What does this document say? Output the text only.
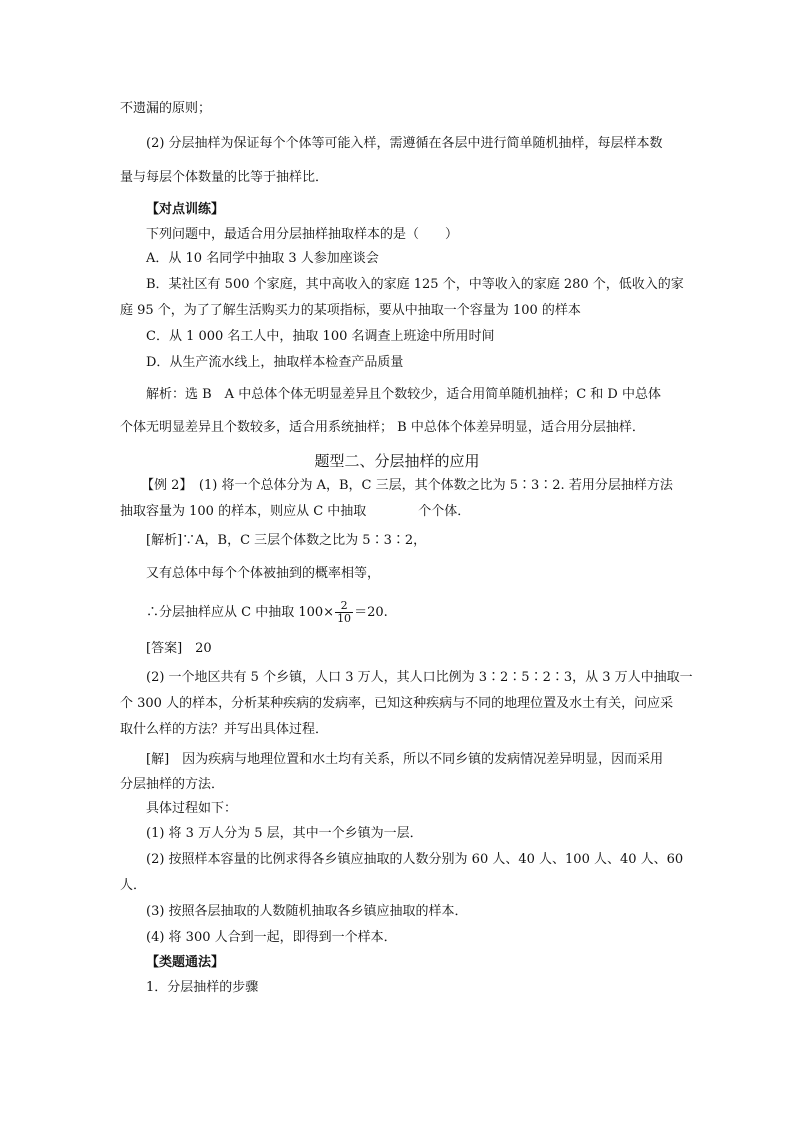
不遗漏的原则；

(2) 分层抽样为保证每个个体等可能入样，需遵循在各层中进行简单随机抽样，每层样本数

量与每层个体数量的比等于抽样比．

【对点训练】

下列问题中，最适合用分层抽样抽取样本的是（　　）

A．从 10 名同学中抽取 3 人参加座谈会

B．某社区有 500 个家庭，其中高收入的家庭 125 个，中等收入的家庭 280 个，低收入的家

庭 95 个，为了了解生活购买力的某项指标，要从中抽取一个容量为 100 的样本

C．从 1 000 名工人中，抽取 100 名调查上班途中所用时间

D．从生产流水线上，抽取样本检查产品质量

解析：选 B　A 中总体个体无明显差异且个数较少，适合用简单随机抽样；C 和 D 中总体

个体无明显差异且个数较多，适合用系统抽样； B 中总体个体差异明显，适合用分层抽样．

题型二、分层抽样的应用

【例 2】　(1) 将一个总体分为 A，B，C 三层，其个体数之比为 5∶3∶2. 若用分层抽样方法

抽取容量为 100 的样本，则应从 C 中抽取	个个体．

[解析]∵A，B，C 三层个体数之比为 5∶3∶2，

又有总体中每个个体被抽到的概率相等，

∴分层抽样应从 C 中抽取 $100\times \frac{2}{10} =20$.

[答案]　20

(2) 一个地区共有 5 个乡镇，人口 3 万人，其人口比例为 3∶2∶5∶2∶3，从 3 万人中抽取一

个 300 人的样本，分析某种疾病的发病率，已知这种疾病与不同的地理位置及水土有关，问应采

取什么样的方法？并写出具体过程．

[解]　因为疾病与地理位置和水土均有关系，所以不同乡镇的发病情况差异明显，因而采用

分层抽样的方法．

具体过程如下：

(1) 将 3 万人分为 5 层，其中一个乡镇为一层．

(2) 按照样本容量的比例求得各乡镇应抽取的人数分别为 60 人、40 人、100 人、40 人、60

人．

(3) 按照各层抽取的人数随机抽取各乡镇应抽取的样本．

(4) 将 300 人合到一起，即得到一个样本．

【类题通法】

1．分层抽样的步骤
